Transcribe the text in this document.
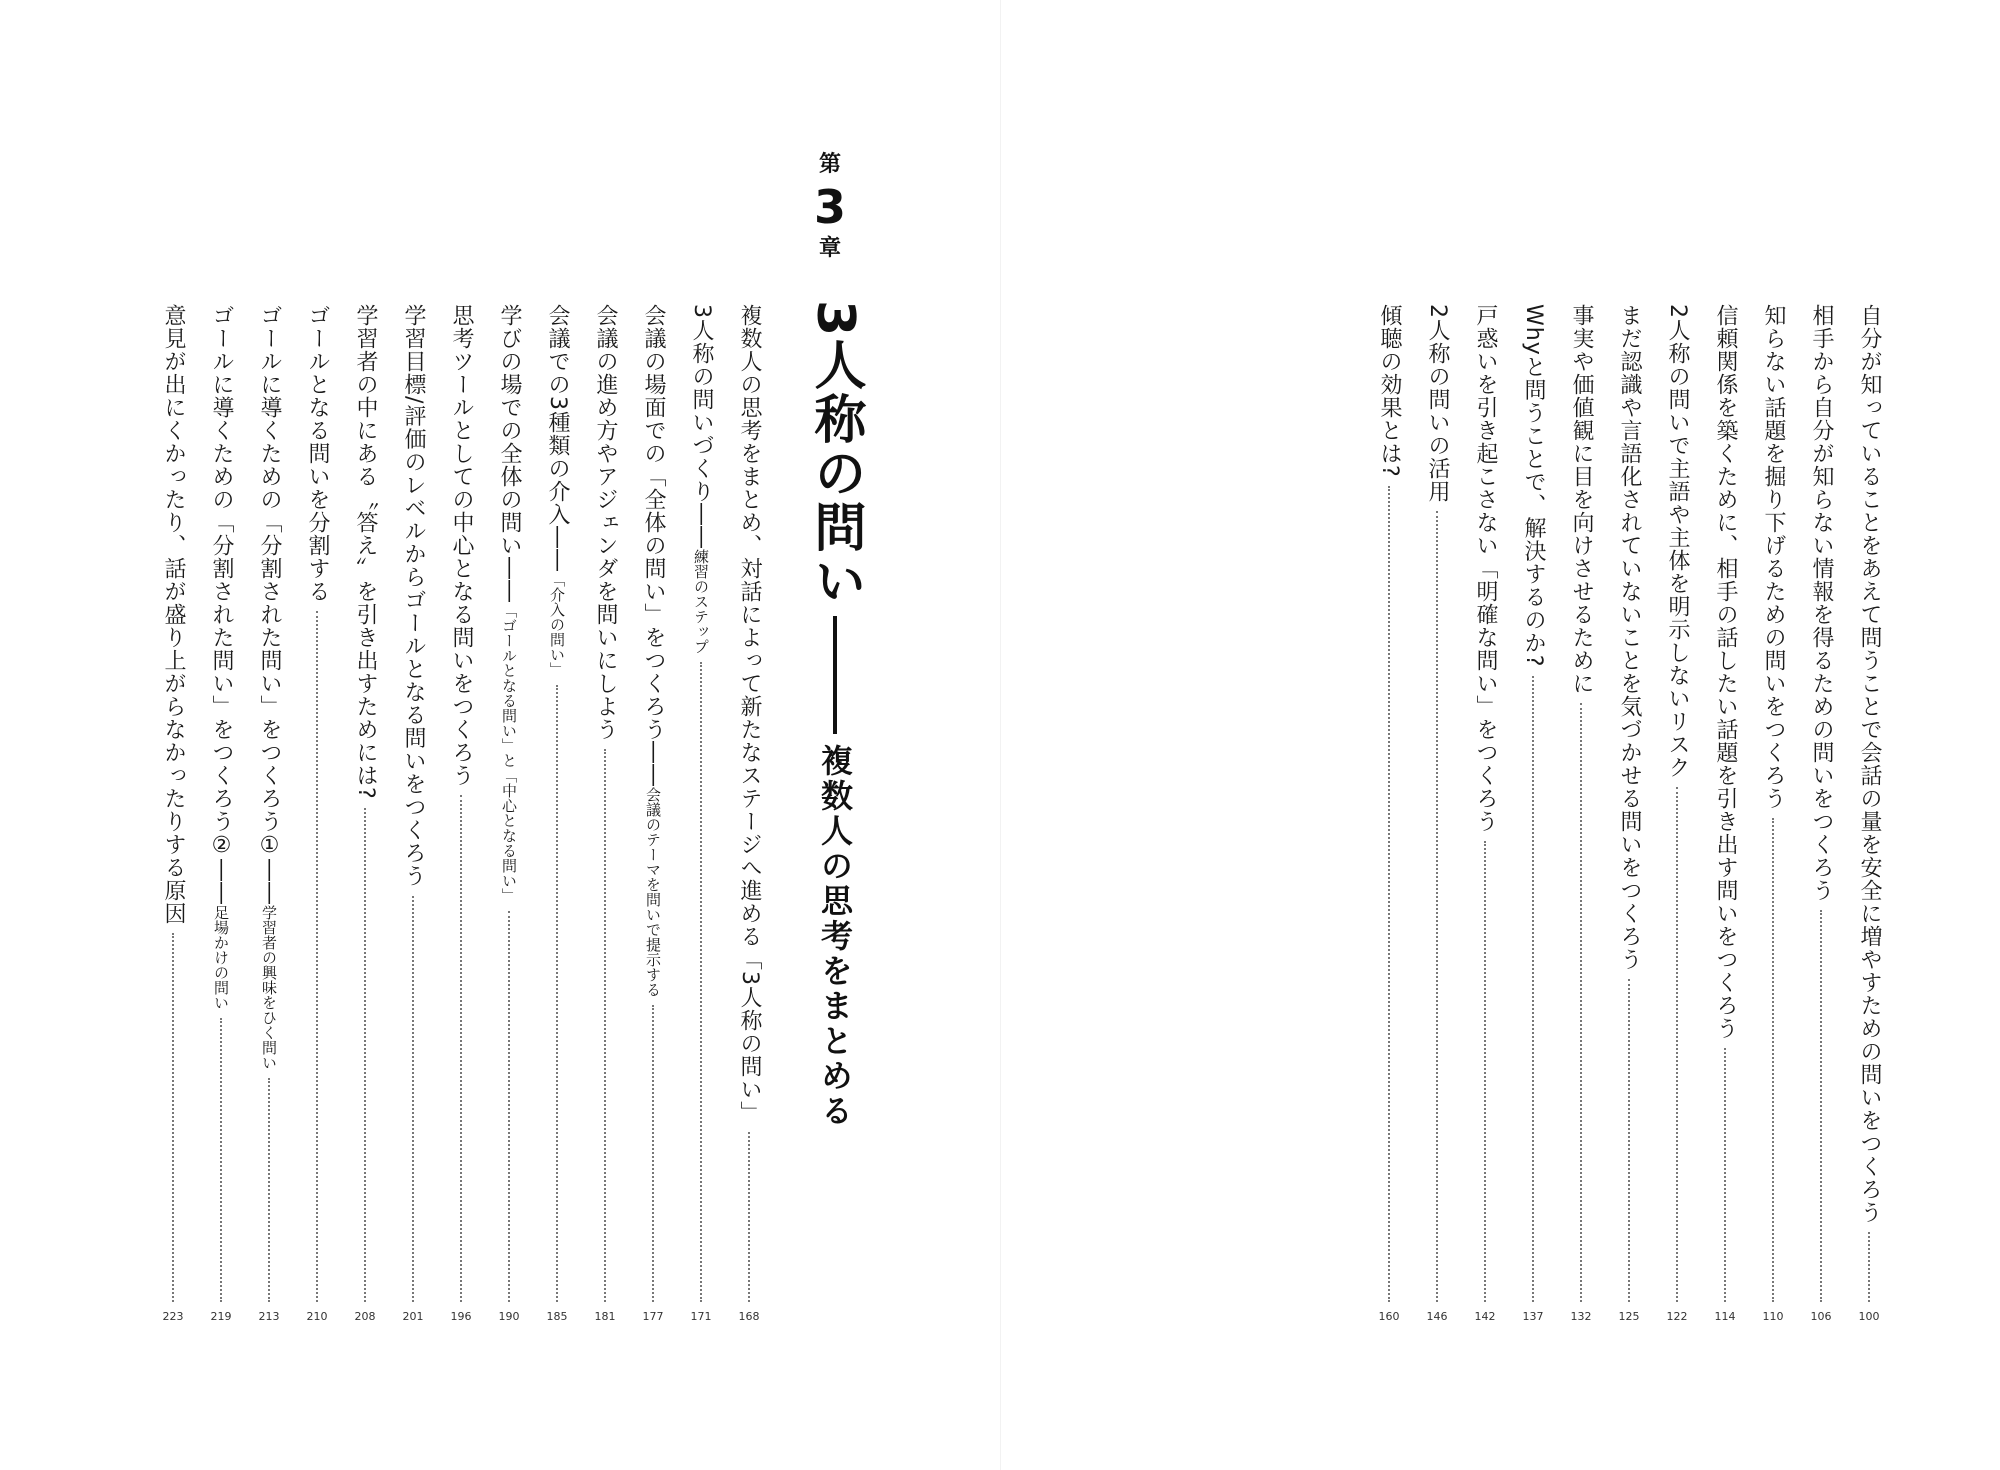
第
3
章
3人称の問い
複数人の思考をまとめる	自分が知っていることをあえて問うことで会話の量を安全に増やすための問いをつくろう
100
相手から自分が知らない情報を得るための問いをつくろう
106
知らない話題を掘り下げるための問いをつくろう
110
信頼関係を築くために、相手の話したい話題を引き出す問いをつくろう
114
2人称の問いで主語や主体を明示しないリスク
122
まだ認識や言語化されていないことを気づかせる問いをつくろう
125
事実や価値観に目を向けさせるために
132
Whyと問うことで、解決するのか?
137
戸惑いを引き起こさない「明確な問い」をつくろう
142
2人称の問いの活用
146
傾聴の効果とは?
160
複数人の思考をまとめ、対話によって新たなステージへ進める「3人称の問い」
168
3人称の問いづくり――練習のステップ
171
会議の場面での「全体の問い」をつくろう――会議のテーマを問いで提示する
177
会議の進め方やアジェンダを問いにしよう
181
会議での3種類の介入――「介入の問い」
185
学びの場での全体の問い――「ゴールとなる問い」と「中心となる問い」
190
思考ツールとしての中心となる問いをつくろう
196
学習目標/評価のレベルからゴールとなる問いをつくろう
201
学習者の中にある〝答え〟を引き出すためには?
208
ゴールとなる問いを分割する
210
ゴールに導くための「分割された問い」をつくろう①――学習者の興味をひく問い
213
ゴールに導くための「分割された問い」をつくろう②――足場かけの問い
219
意見が出にくかったり、話が盛り上がらなかったりする原因
223
